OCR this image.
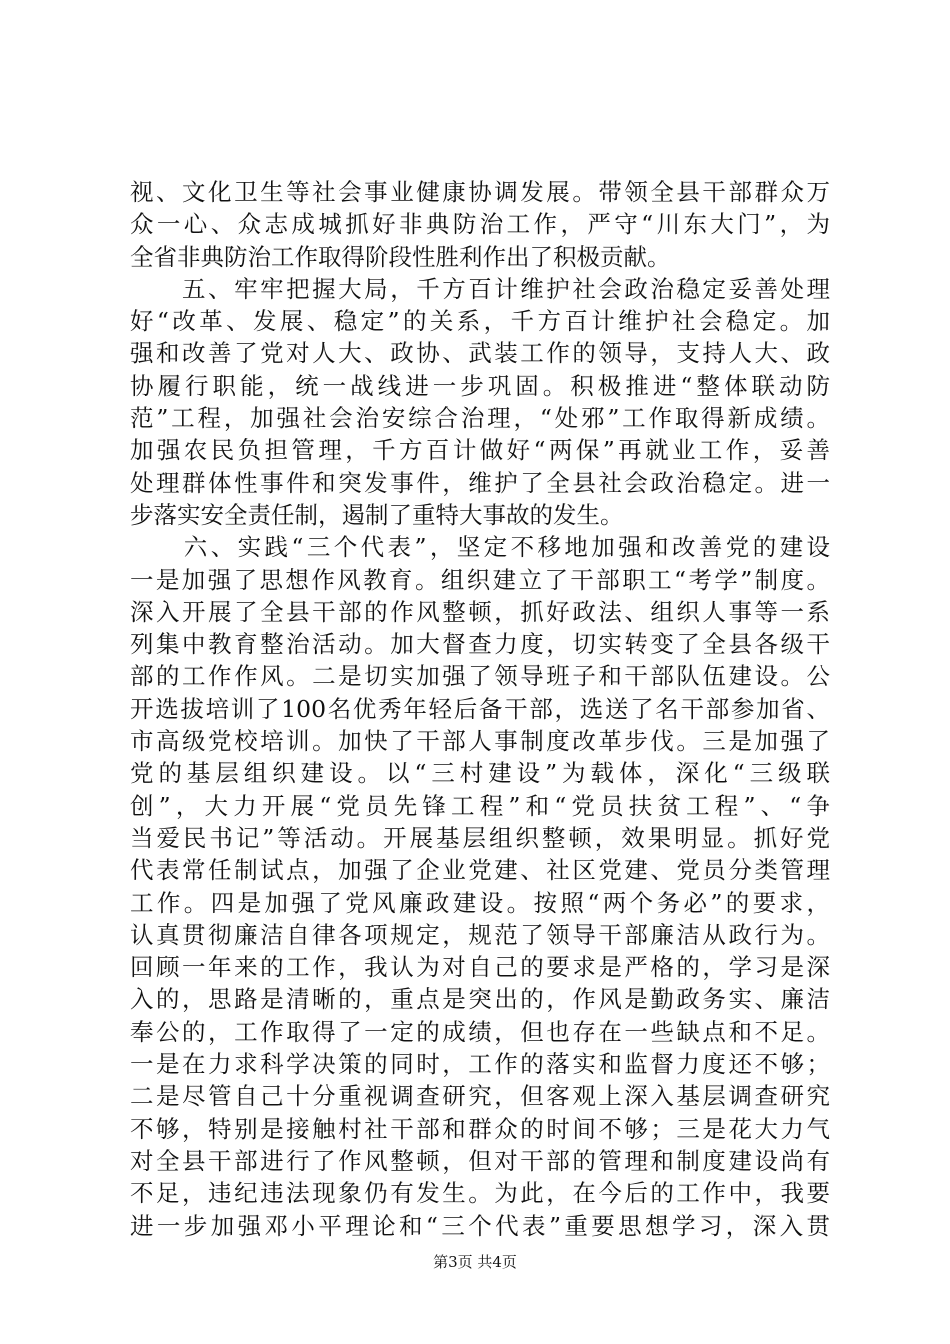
视、文化卫生等社会事业健康协调发展。带领全县干部群众万
众一心、众志成城抓好非典防治工作，严守“川东大门”，为
全省非典防治工作取得阶段性胜利作出了积极贡献。
　　五、牢牢把握大局，千方百计维护社会政治稳定妥善处理
好“改革、发展、稳定”的关系，千方百计维护社会稳定。加
强和改善了党对人大、政协、武装工作的领导，支持人大、政
协履行职能，统一战线进一步巩固。积极推进“整体联动防
范”工程，加强社会治安综合治理，“处邪”工作取得新成绩。
加强农民负担管理，千方百计做好“两保”再就业工作，妥善
处理群体性事件和突发事件，维护了全县社会政治稳定。进一
步落实安全责任制，遏制了重特大事故的发生。
　　六、实践“三个代表”，坚定不移地加强和改善党的建设
一是加强了思想作风教育。组织建立了干部职工“考学”制度。
深入开展了全县干部的作风整顿，抓好政法、组织人事等一系
列集中教育整治活动。加大督查力度，切实转变了全县各级干
部的工作作风。二是切实加强了领导班子和干部队伍建设。公
开选拔培训了100名优秀年轻后备干部，选送了名干部参加省、
市高级党校培训。加快了干部人事制度改革步伐。三是加强了
党的基层组织建设。以“三村建设”为载体，深化“三级联
创”，大力开展“党员先锋工程”和“党员扶贫工程”、“争
当爱民书记”等活动。开展基层组织整顿，效果明显。抓好党
代表常任制试点，加强了企业党建、社区党建、党员分类管理
工作。四是加强了党风廉政建设。按照“两个务必”的要求，
认真贯彻廉洁自律各项规定，规范了领导干部廉洁从政行为。
回顾一年来的工作，我认为对自己的要求是严格的，学习是深
入的，思路是清晰的，重点是突出的，作风是勤政务实、廉洁
奉公的，工作取得了一定的成绩，但也存在一些缺点和不足。
一是在力求科学决策的同时，工作的落实和监督力度还不够；
二是尽管自己十分重视调查研究，但客观上深入基层调查研究
不够，特别是接触村社干部和群众的时间不够；三是花大力气
对全县干部进行了作风整顿，但对干部的管理和制度建设尚有
不足，违纪违法现象仍有发生。为此，在今后的工作中，我要
进一步加强邓小平理论和“三个代表”重要思想学习，深入贯
第3页 共4页
